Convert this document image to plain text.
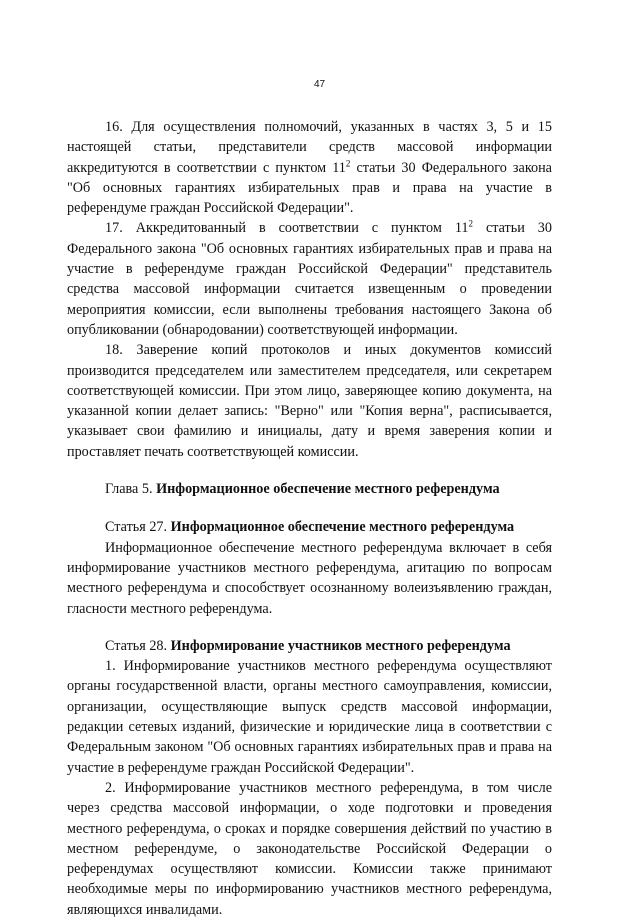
47

16. Для осуществления полномочий, указанных в частях 3, 5 и 15 настоящей статьи, представители средств массовой информации аккредитуются в соответствии с пунктом $11^2$ статьи 30 Федерального закона "Об основных гарантиях избирательных прав и права на участие в референдуме граждан Российской Федерации".

17. Аккредитованный в соответствии с пунктом $11^2$ статьи 30 Федерального закона "Об основных гарантиях избирательных прав и права на участие в референдуме граждан Российской Федерации" представитель средства массовой информации считается извещенным о проведении мероприятия комиссии, если выполнены требования настоящего Закона об опубликовании (обнародовании) соответствующей информации.

18. Заверение копий протоколов и иных документов комиссий производится председателем или заместителем председателя, или секретарем соответствующей комиссии. При этом лицо, заверяющее копию документа, на указанной копии делает запись: "Верно" или "Копия верна", расписывается, указывает свои фамилию и инициалы, дату и время заверения копии и проставляет печать соответствующей комиссии.

Глава 5. Информационное обеспечение местного референдума

Статья 27. Информационное обеспечение местного референдума

Информационное обеспечение местного референдума включает в себя информирование участников местного референдума, агитацию по вопросам местного референдума и способствует осознанному волеизъявлению граждан, гласности местного референдума.

Статья 28. Информирование участников местного референдума

1. Информирование участников местного референдума осуществляют органы государственной власти, органы местного самоуправления, комиссии, организации, осуществляющие выпуск средств массовой информации, редакции сетевых изданий, физические и юридические лица в соответствии с Федеральным законом "Об основных гарантиях избирательных прав и права на участие в референдуме граждан Российской Федерации".

2. Информирование участников местного референдума, в том числе через средства массовой информации, о ходе подготовки и проведения местного референдума, о сроках и порядке совершения действий по участию в местном референдуме, о законодательстве Российской Федерации о референдумах осуществляют комиссии. Комиссии также принимают необходимые меры по информированию участников местного референдума, являющихся инвалидами.
